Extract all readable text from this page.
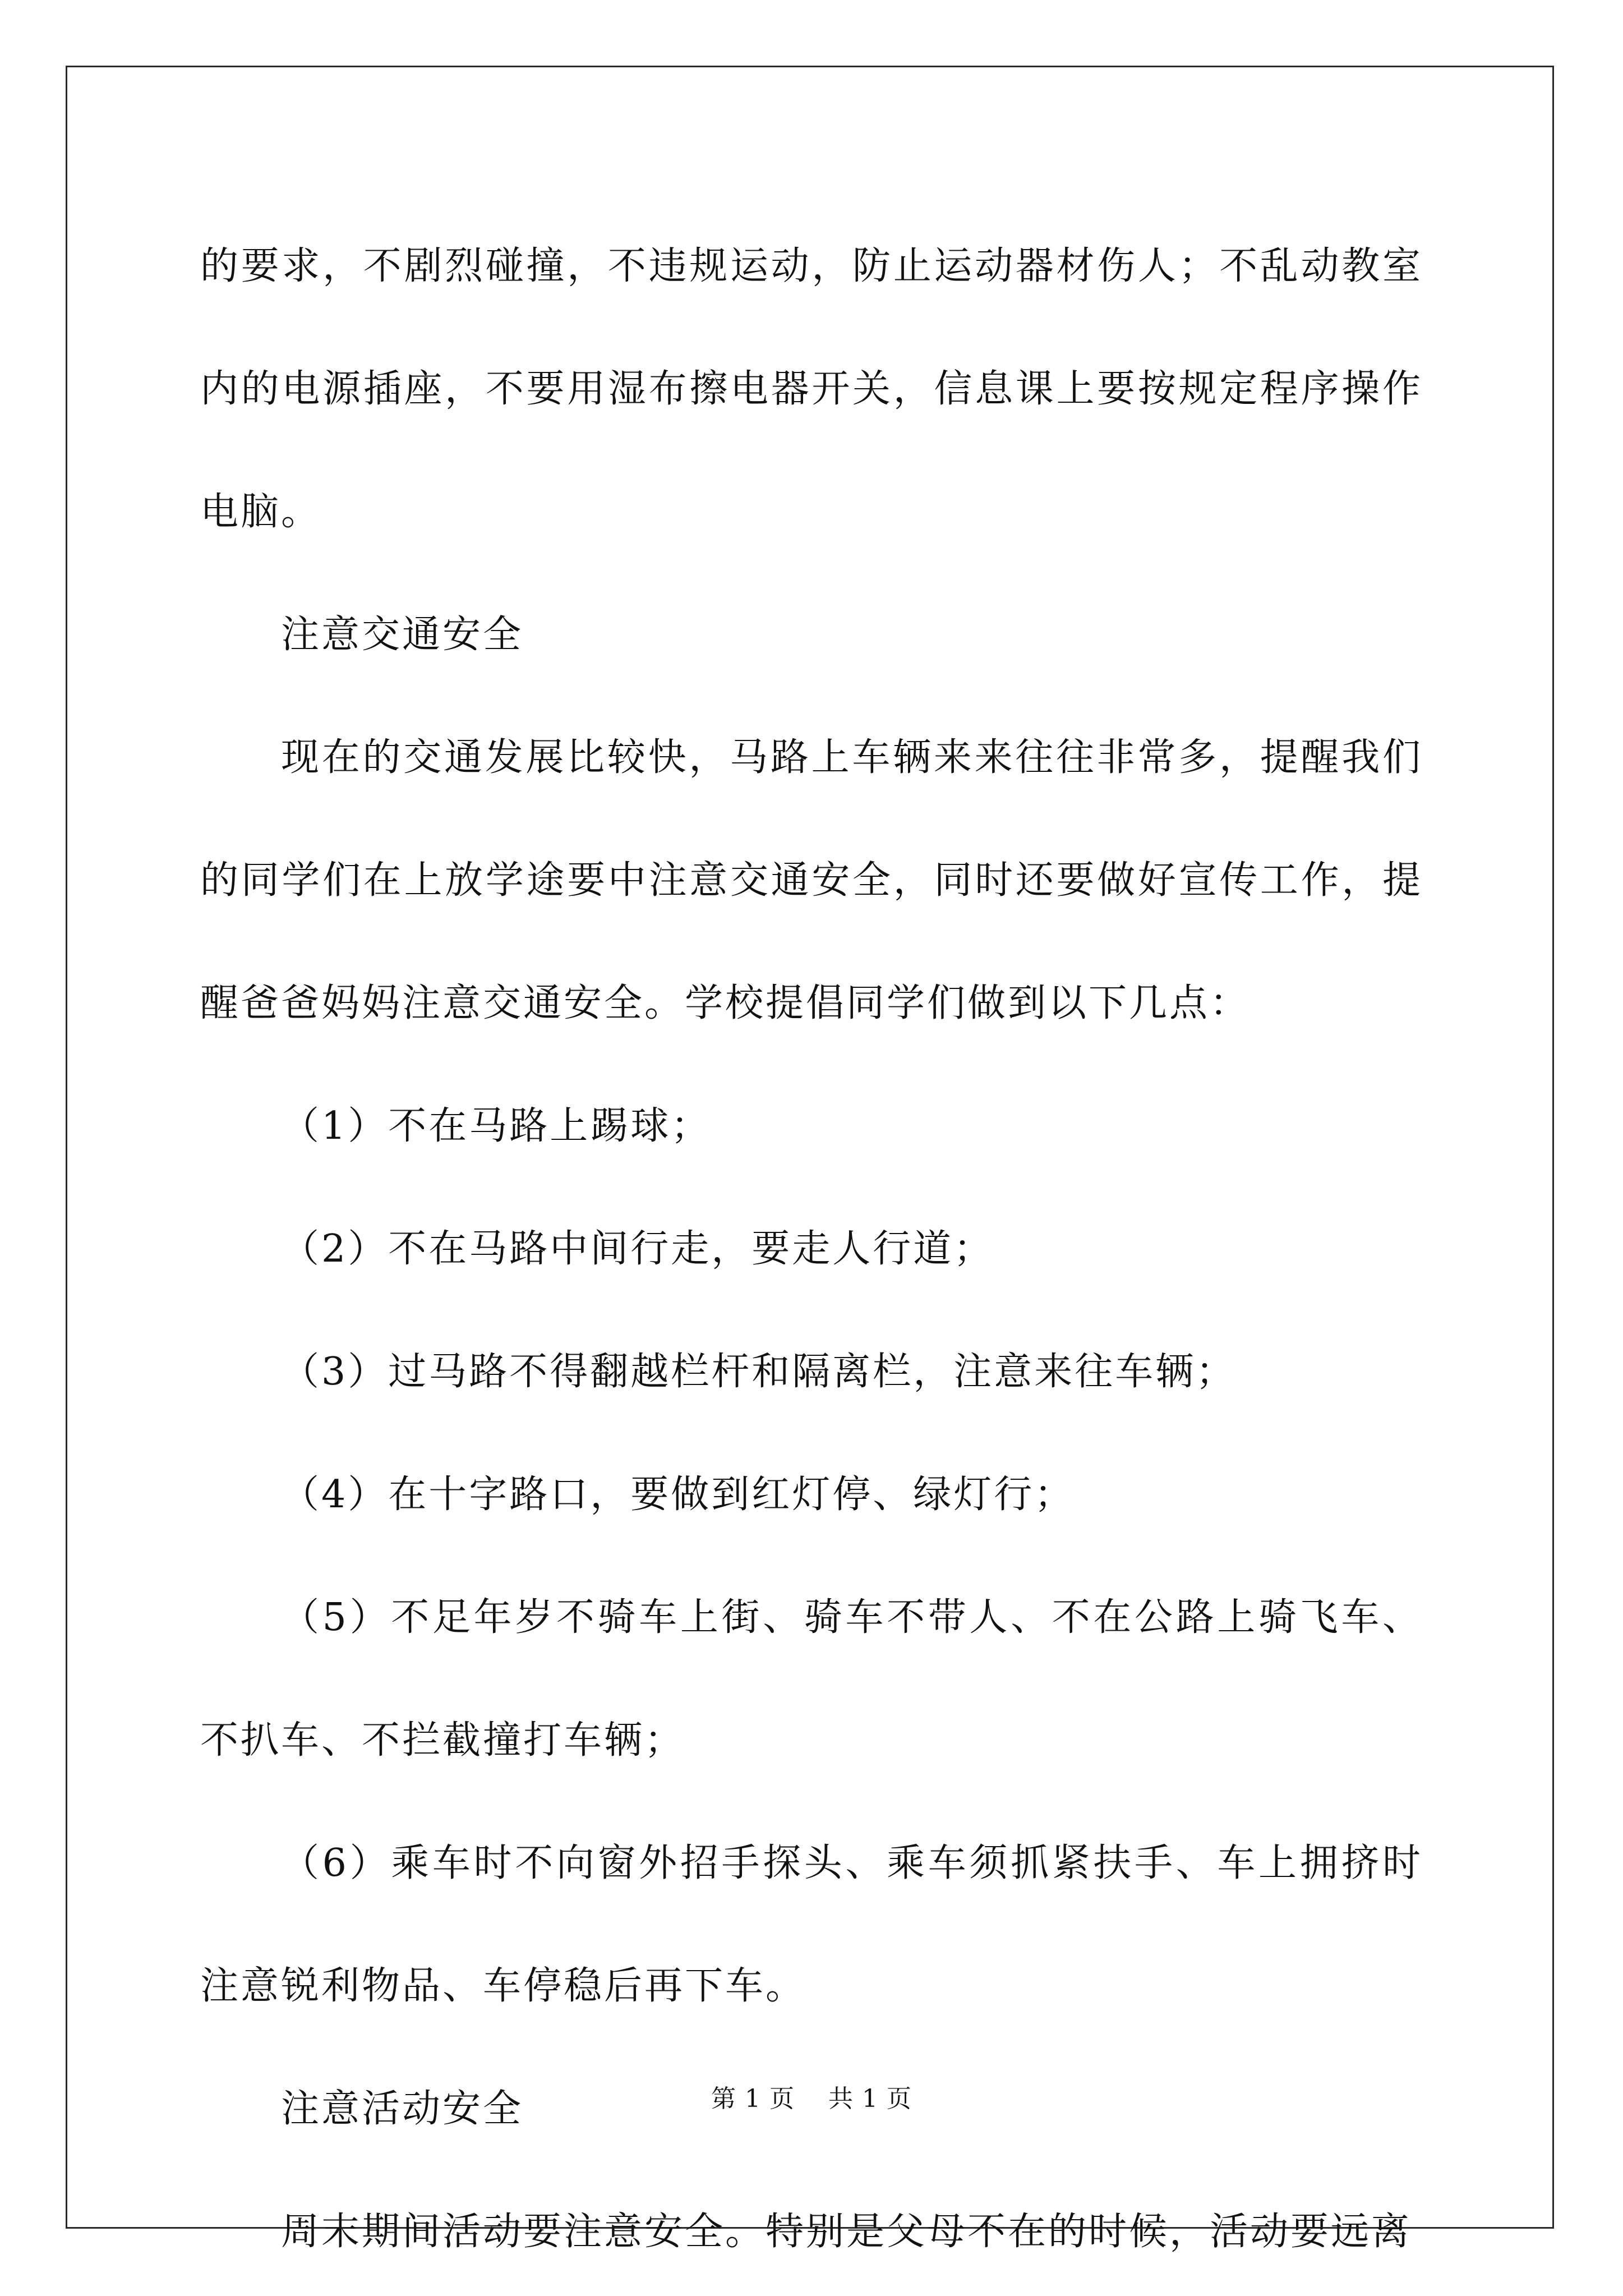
的要求，不剧烈碰撞，不违规运动，防止运动器材伤人；不乱动教室内的电源插座，不要用湿布擦电器开关，信息课上要按规定程序操作电脑。

注意交通安全

现在的交通发展比较快，马路上车辆来来往往非常多，提醒我们的同学们在上放学途要中注意交通安全，同时还要做好宣传工作，提醒爸爸妈妈注意交通安全。学校提倡同学们做到以下几点：

（1）不在马路上踢球；

（2）不在马路中间行走，要走人行道；

（3）过马路不得翻越栏杆和隔离栏，注意来往车辆；

（4）在十字路口，要做到红灯停、绿灯行；

（5）不足年岁不骑车上街、骑车不带人、不在公路上骑飞车、不扒车、不拦截撞打车辆；

（6）乘车时不向窗外招手探头、乘车须抓紧扶手、车上拥挤时注意锐利物品、车停稳后再下车。

注意活动安全

周末期间活动要注意安全。特别是父母不在的时候，活动要远离

第 1 页    共 1 页
